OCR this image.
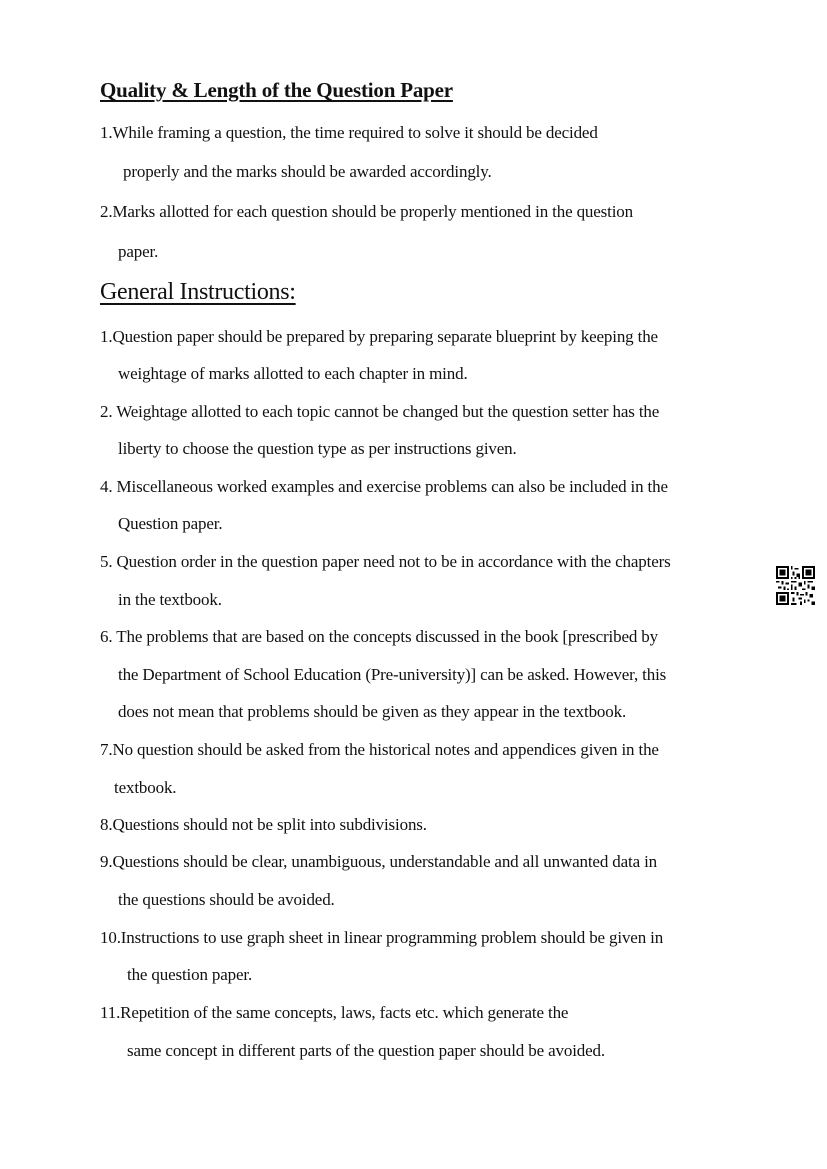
Quality & Length of the Question Paper
1.While framing a question, the time required to solve it should be decided
properly and the marks should be awarded accordingly.
2.Marks allotted for each question should be properly mentioned in the question
paper.
General Instructions:
1.Question paper should be prepared by preparing separate blueprint by keeping the
weightage of marks allotted to each chapter in mind.
2. Weightage allotted to each topic cannot be changed but the question setter has the
liberty to choose the question type as per instructions given.
4. Miscellaneous worked examples and exercise problems can also be included in the
Question paper.
5. Question order in the question paper need not to be in accordance with the chapters
in the textbook.
6. The problems that are based on the concepts discussed in the book [prescribed by
the Department of School Education (Pre-university)] can be asked. However, this
does not mean that problems should be given as they appear in the textbook.
7.No question should be asked from the historical notes and appendices given in the
textbook.
8.Questions should not be split into subdivisions.
9.Questions should be clear, unambiguous, understandable and all unwanted data in
the questions should be avoided.
10.Instructions to use graph sheet in linear programming problem should be given in
the question paper.
11.Repetition of the same concepts, laws, facts etc. which generate the
same concept in different parts of the question paper should be avoided.
